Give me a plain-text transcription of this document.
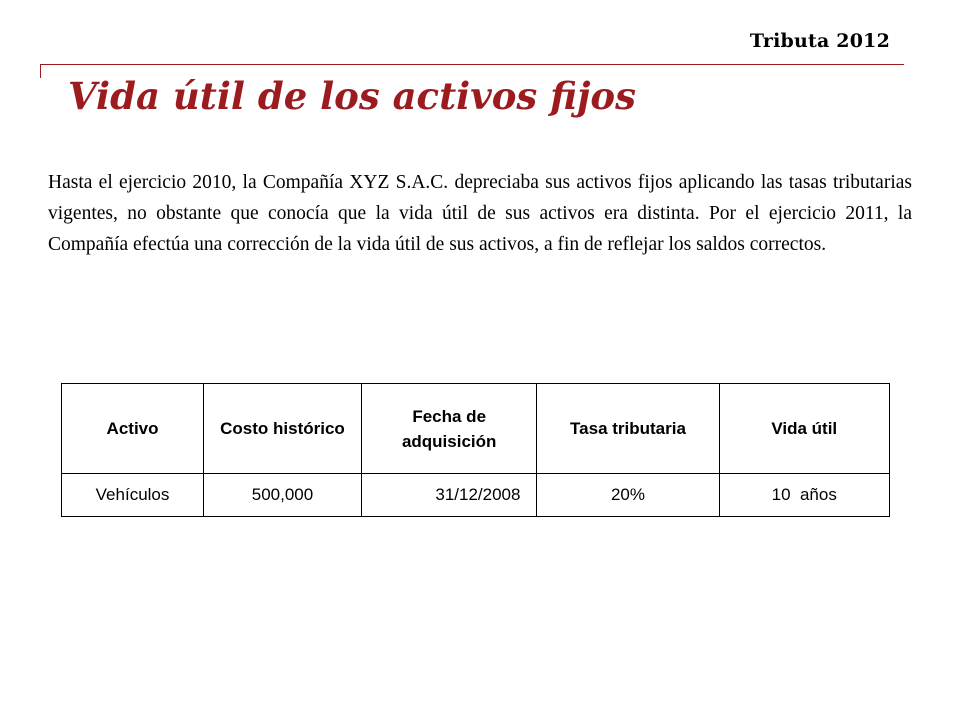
Tributa 2012
Vida útil de los activos fijos

Hasta el ejercicio 2010, la Compañía XYZ S.A.C. depreciaba sus activos fijos aplicando las tasas tributarias vigentes, no obstante que conocía que la vida útil de sus activos era distinta. Por el ejercicio 2011, la Compañía efectúa una corrección de la vida útil de sus activos, a fin de reflejar los saldos correctos.

Activo	Costo histórico	Fecha de adquisición	Tasa tributaria	Vida útil
Vehículos	500,000	31/12/2008	20%	10  años
